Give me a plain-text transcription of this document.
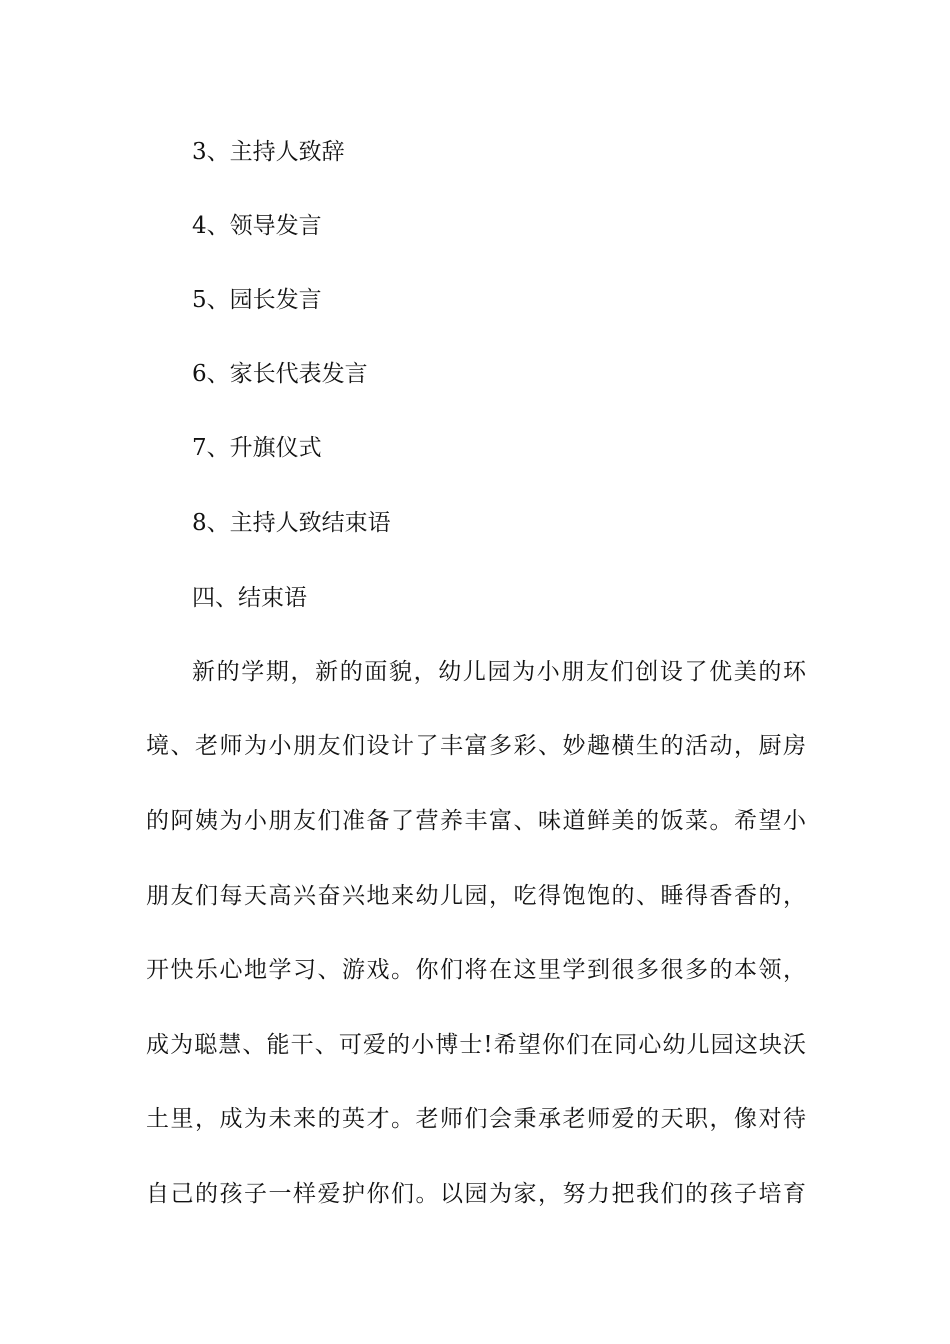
3、主持人致辞
4、领导发言
5、园长发言
6、家长代表发言
7、升旗仪式
8、主持人致结束语
四、结束语
新的学期，新的面貌，幼儿园为小朋友们创设了优美的环
境、老师为小朋友们设计了丰富多彩、妙趣横生的活动，厨房
的阿姨为小朋友们准备了营养丰富、味道鲜美的饭菜。希望小
朋友们每天高兴奋兴地来幼儿园，吃得饱饱的、睡得香香的，
开快乐心地学习、游戏。你们将在这里学到很多很多的本领，
成为聪慧、能干、可爱的小博士!希望你们在同心幼儿园这块沃
土里，成为未来的英才。老师们会秉承老师爱的天职，像对待
自己的孩子一样爱护你们。以园为家，努力把我们的孩子培育
